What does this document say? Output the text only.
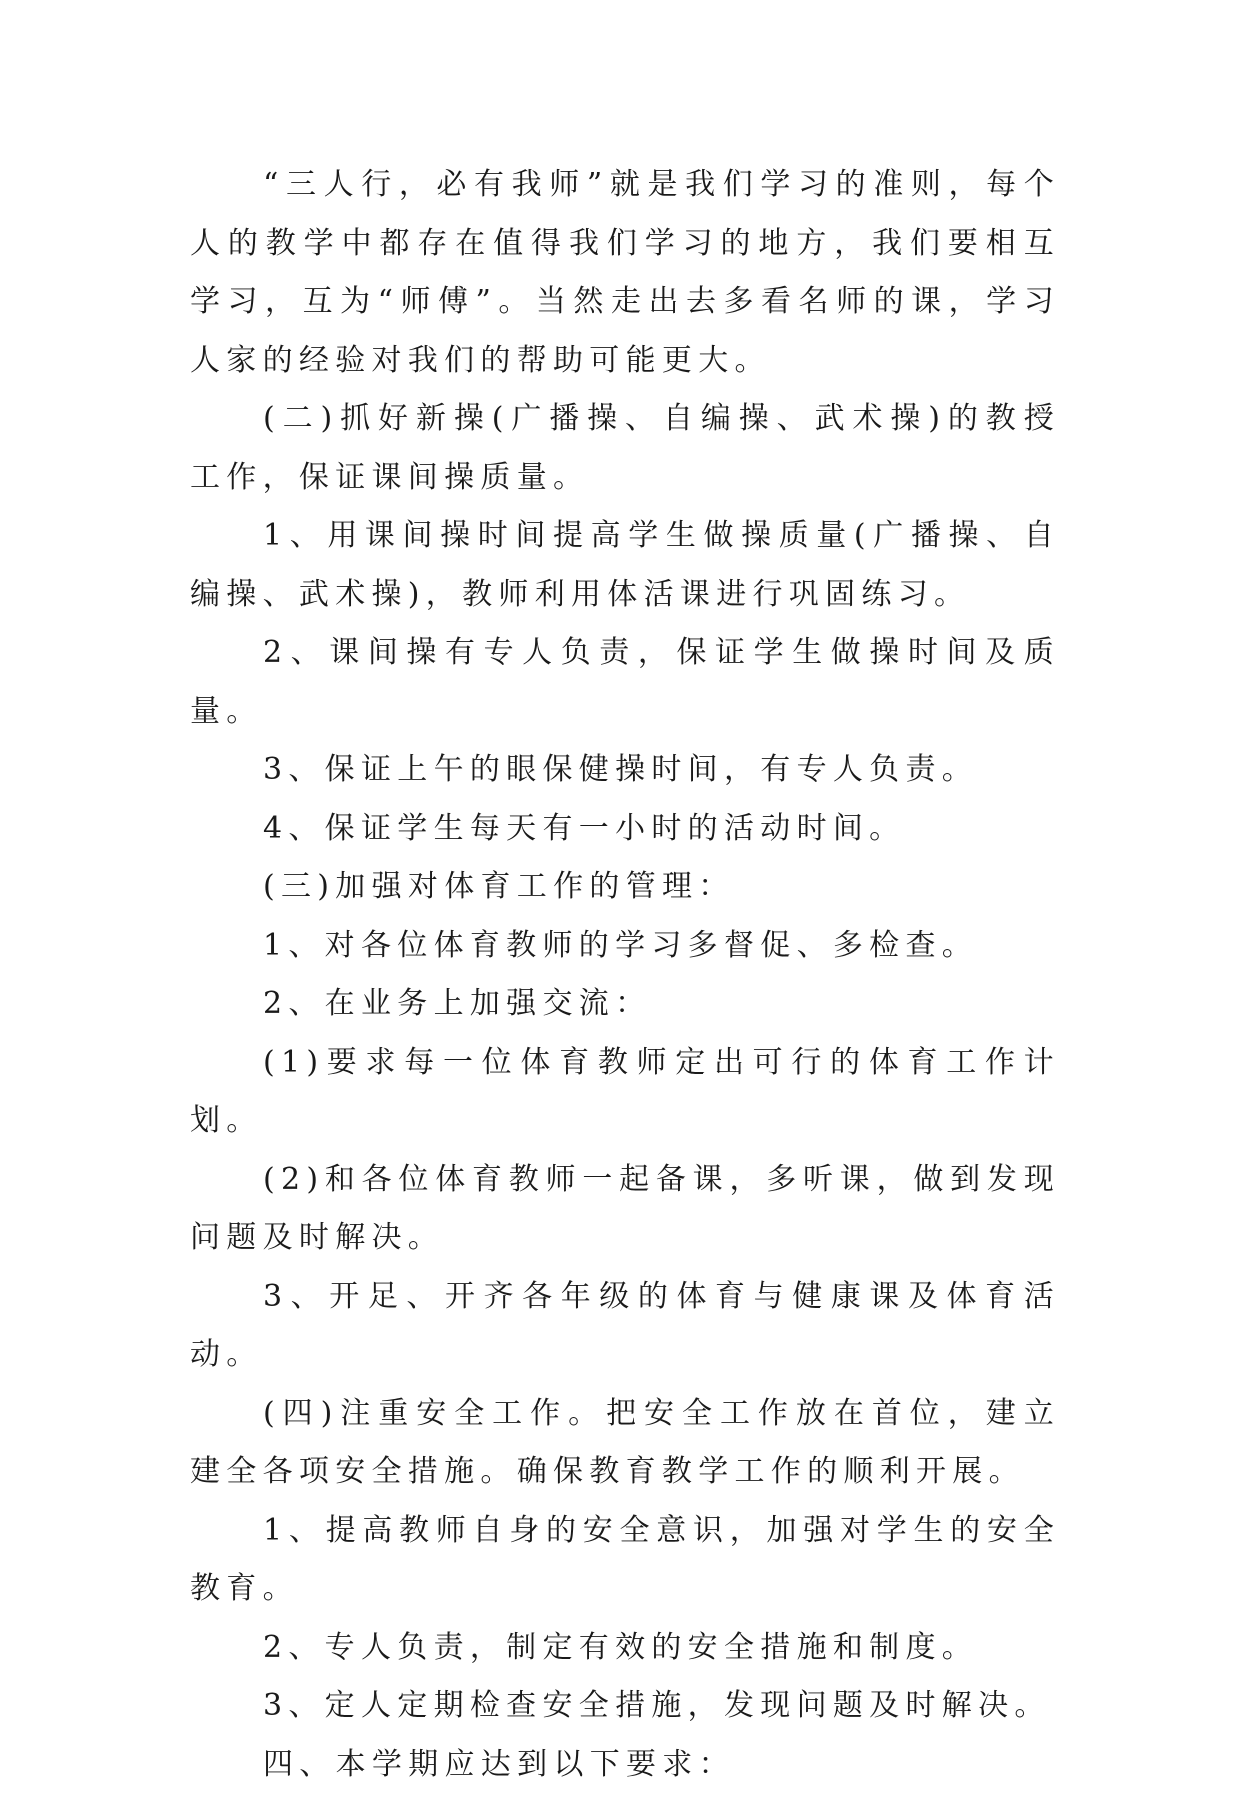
“三人行，必有我师”就是我们学习的准则，每个人的教学中都存在值得我们学习的地方，我们要相互学习，互为“师傅”。当然走出去多看名师的课，学习人家的经验对我们的帮助可能更大。

(二)抓好新操(广播操、自编操、武术操)的教授工作，保证课间操质量。

1、用课间操时间提高学生做操质量(广播操、自编操、武术操)，教师利用体活课进行巩固练习。

2、课间操有专人负责，保证学生做操时间及质量。

3、保证上午的眼保健操时间，有专人负责。

4、保证学生每天有一小时的活动时间。

(三)加强对体育工作的管理：

1、对各位体育教师的学习多督促、多检查。

2、在业务上加强交流：

(1)要求每一位体育教师定出可行的体育工作计划。

(2)和各位体育教师一起备课，多听课，做到发现问题及时解决。

3、开足、开齐各年级的体育与健康课及体育活动。

(四)注重安全工作。把安全工作放在首位，建立建全各项安全措施。确保教育教学工作的顺利开展。

1、提高教师自身的安全意识，加强对学生的安全教育。

2、专人负责，制定有效的安全措施和制度。

3、定人定期检查安全措施，发现问题及时解决。

四、本学期应达到以下要求：
